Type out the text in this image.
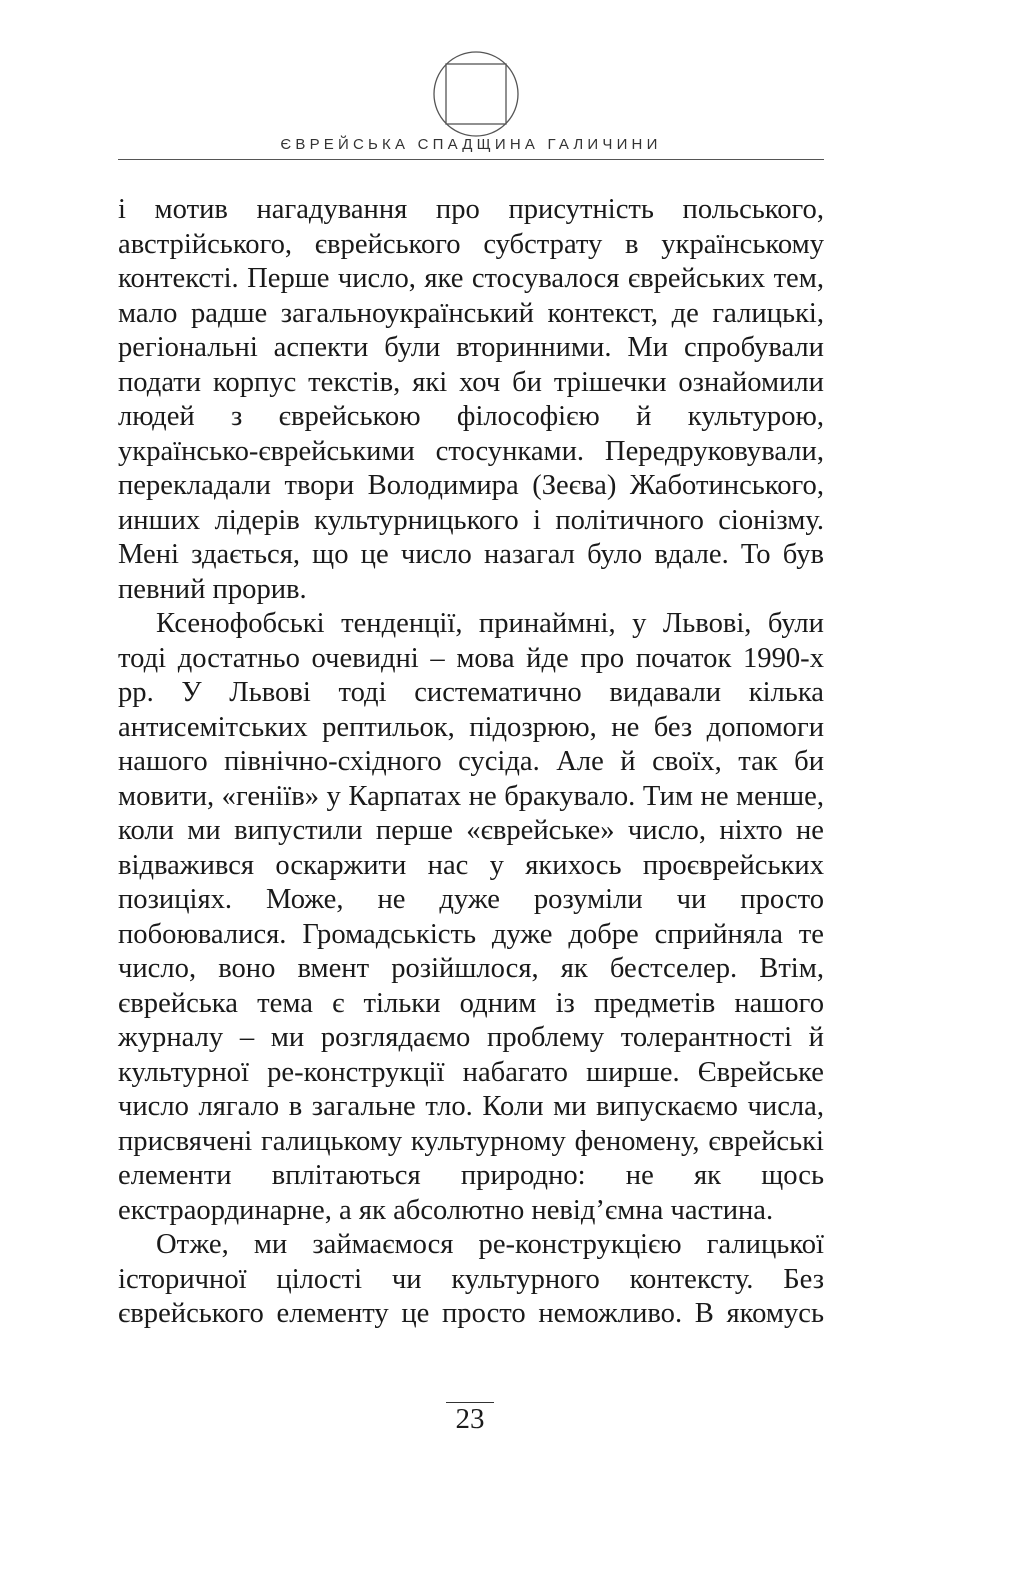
ЄВРЕЙСЬКА СПАДЩИНА ГАЛИЧИНИ

і мотив нагадування про присутність польського, австрійського, єврейського субстрату в українському контексті. Перше число, яке стосувалося єврейських тем, мало радше загальноукраїнський контекст, де галицькі, регіональні аспекти були вторинними. Ми спробували подати корпус текстів, які хоч би трішечки ознайомили людей з єврейською філософією й культурою, українсько-єврейськими стосунками. Передруковували, перекладали твори Володимира (Зеєва) Жаботинського, инших лідерів культурницького і політичного сіонізму. Мені здається, що це число назагал було вдале. То був певний прорив.

Ксенофобські тенденції, принаймні, у Львові, були тоді достатньо очевидні – мова йде про початок 1990-х рр. У Львові тоді систематично видавали кілька антисемітських рептильок, підозрюю, не без допомоги нашого північно-східного сусіда. Але й своїх, так би мовити, «геніїв» у Карпатах не бракувало. Тим не менше, коли ми випустили перше «єврейське» число, ніхто не відважився оскаржити нас у якихось проєврейських позиціях. Може, не дуже розуміли чи просто побоювалися. Громадськість дуже добре сприйняла те число, воно вмент розійшлося, як бестселер. Втім, єврейська тема є тільки одним із предметів нашого журналу – ми розглядаємо проблему толерантності й культурної ре-конструкції набагато ширше. Єврейське число лягало в загальне тло. Коли ми випускаємо числа, присвячені галицькому культурному феномену, єврейські елементи вплітаються природно: не як щось екстраординарне, а як абсолютно невід’ємна частина.

Отже, ми займаємося ре-конструкцією галицької історичної цілості чи культурного контексту. Без єврейського елементу це просто неможливо. В якомусь

23
